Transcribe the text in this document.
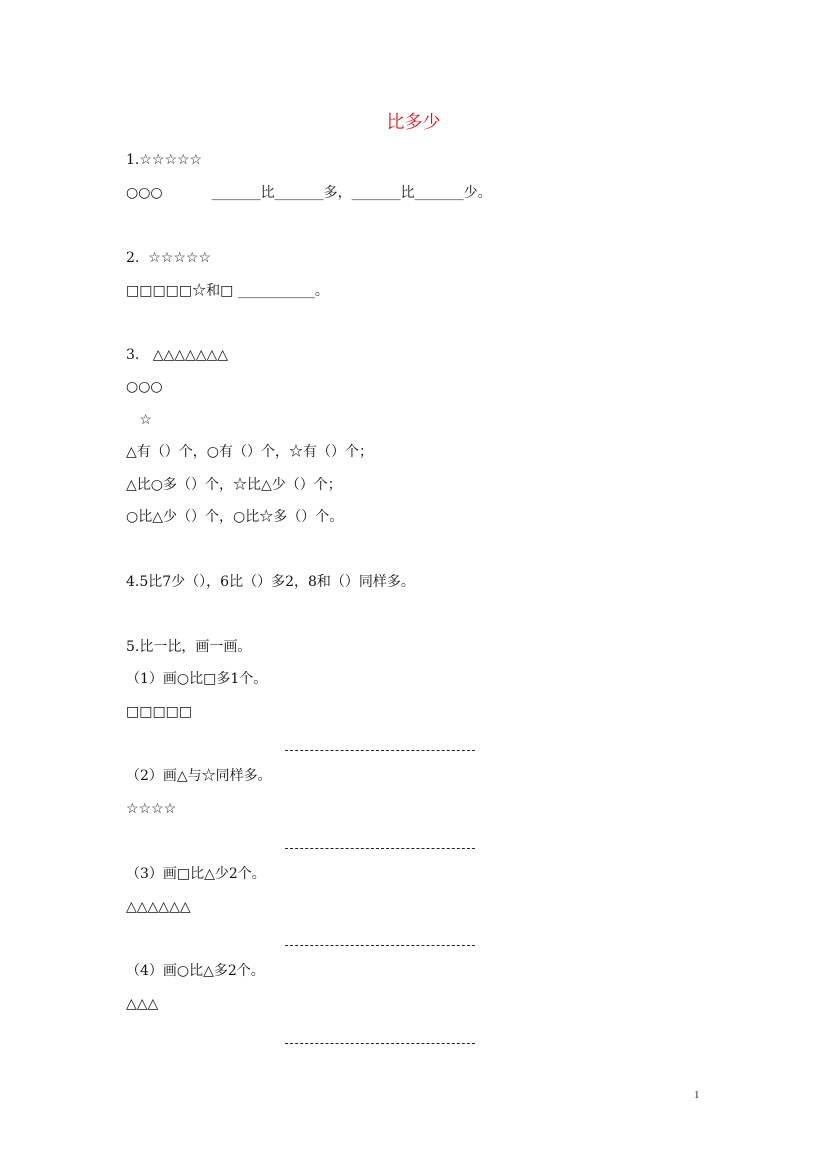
比多少
1.☆☆☆☆☆
○○○           _______比_______多，_______比_______少。
2.  ☆☆☆☆☆
□□□□□☆和□ ___________。
3.   △△△△△△△
○○○
☆
△有（）个，○有（）个，☆有（）个；
△比○多（）个，☆比△少（）个；
○比△少（）个，○比☆多（）个。
4.5比7少（），6比（）多2，8和（）同样多。
5.比一比，画一画。
（1）画○比□多1个。
□□□□□
（2）画△与☆同样多。
☆☆☆☆
（3）画□比△少2个。
△△△△△△
（4）画○比△多2个。
△△△
1
